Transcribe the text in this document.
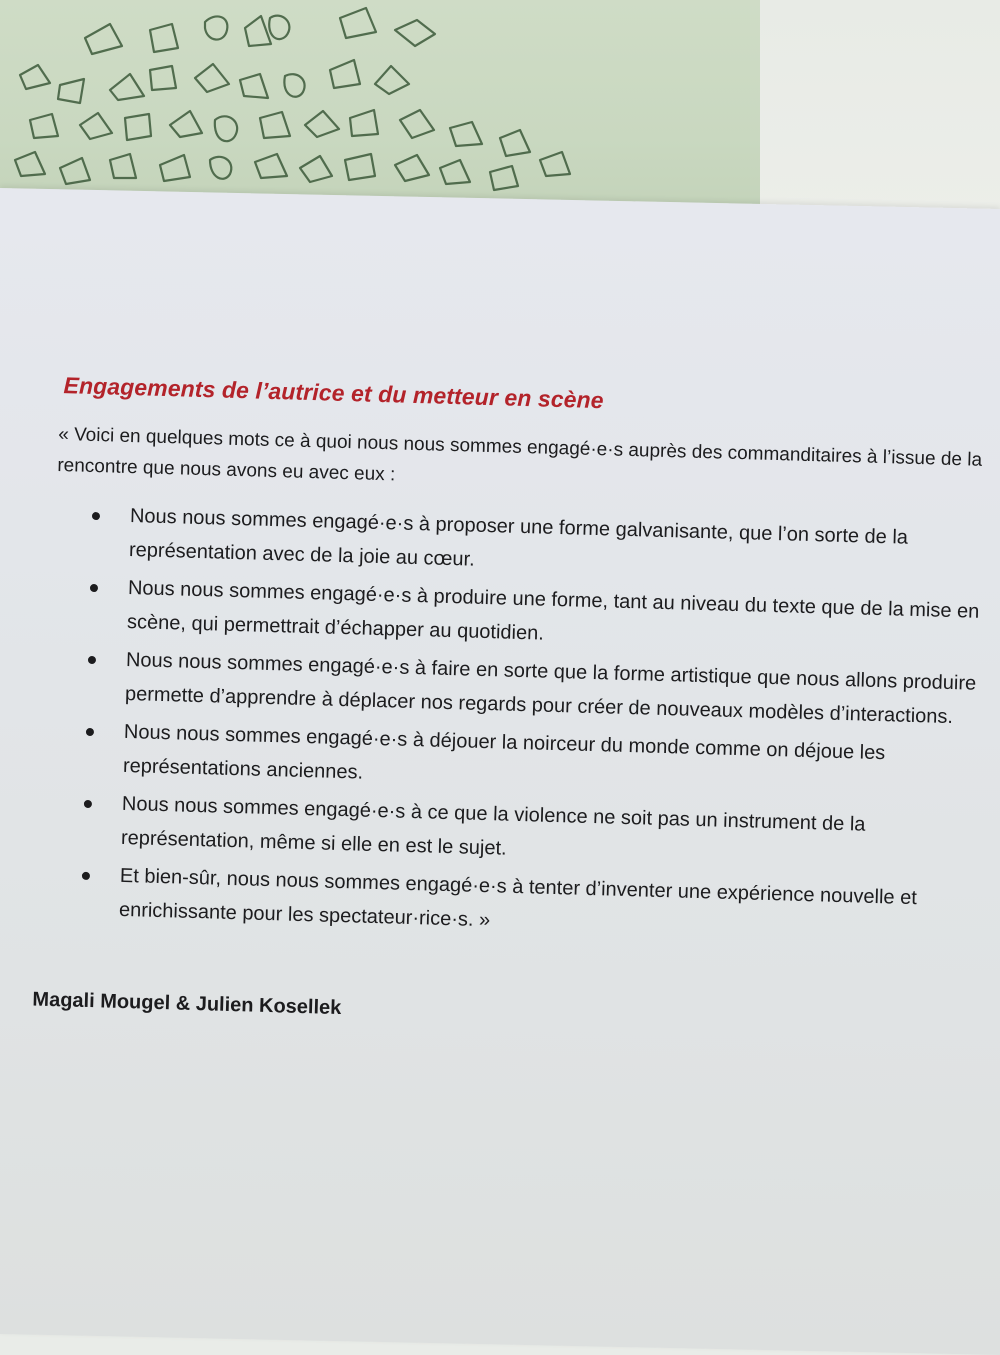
Engagements de l’autrice et du metteur en scène
« Voici en quelques mots ce à quoi nous nous sommes engagé·e·s auprès des commanditaires à l’issue de la rencontre que nous avons eu avec eux :
Nous nous sommes engagé·e·s à proposer une forme galvanisante, que l’on sorte de la représentation avec de la joie au cœur.
Nous nous sommes engagé·e·s à produire une forme, tant au niveau du texte que de la mise en scène, qui permettrait d’échapper au quotidien.
Nous nous sommes engagé·e·s à faire en sorte que la forme artistique que nous allons produire permette d’apprendre à déplacer nos regards pour créer de nouveaux modèles d’interactions.
Nous nous sommes engagé·e·s à déjouer la noirceur du monde comme on déjoue les représentations anciennes.
Nous nous sommes engagé·e·s à ce que la violence ne soit pas un instrument de la représentation, même si elle en est le sujet.
Et bien-sûr, nous nous sommes engagé·e·s à tenter d’inventer une expérience nouvelle et enrichissante pour les spectateur·rice·s. »
Magali Mougel & Julien Kosellek
